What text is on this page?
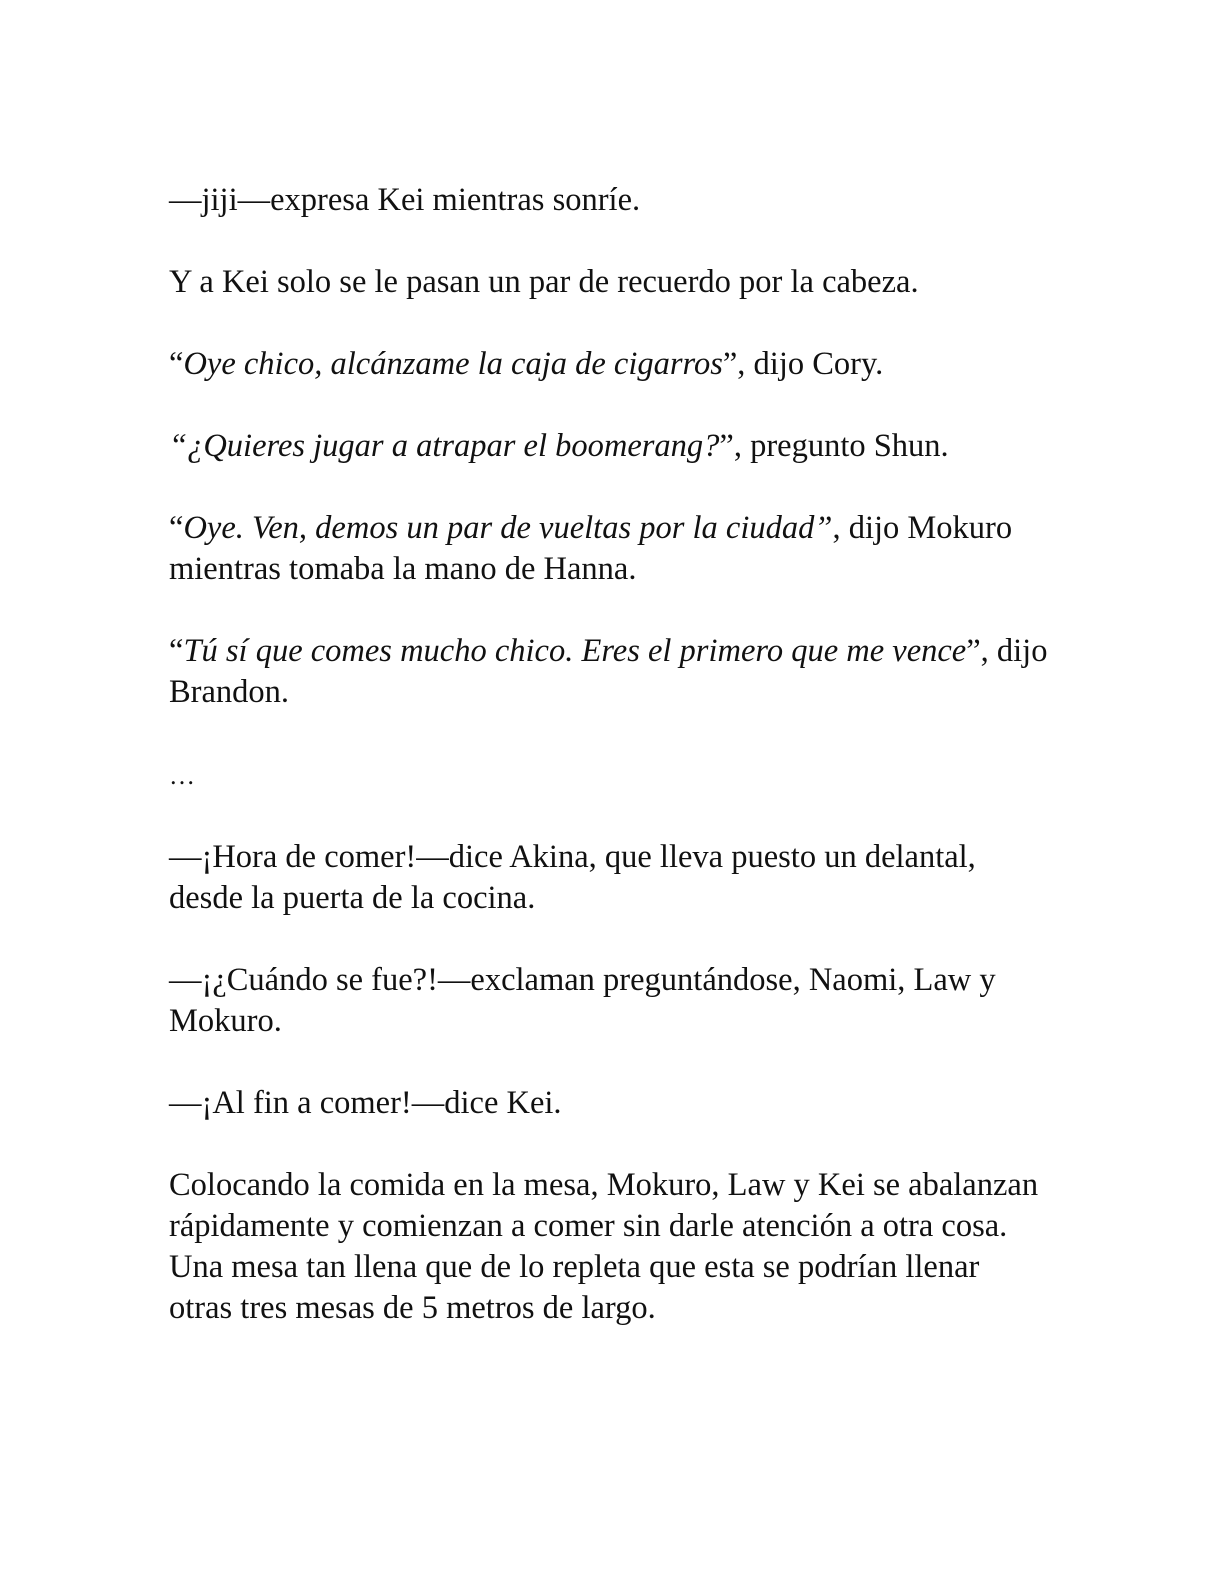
—jiji—expresa Kei mientras sonríe.

Y a Kei solo se le pasan un par de recuerdo por la cabeza.

“Oye chico, alcánzame la caja de cigarros”, dijo Cory.

“¿Quieres jugar a atrapar el boomerang?”, pregunto Shun.

“Oye. Ven, demos un par de vueltas por la ciudad”, dijo Mokuro mientras tomaba la mano de Hanna.

“Tú sí que comes mucho chico. Eres el primero que me vence”, dijo Brandon.

…

—¡Hora de comer!—dice Akina, que lleva puesto un delantal, desde la puerta de la cocina.

—¡¿Cuándo se fue?!—exclaman preguntándose, Naomi, Law y Mokuro.

—¡Al fin a comer!—dice Kei.

Colocando la comida en la mesa, Mokuro, Law y Kei se abalanzan rápidamente y comienzan a comer sin darle atención a otra cosa. Una mesa tan llena que de lo repleta que esta se podrían llenar otras tres mesas de 5 metros de largo.
